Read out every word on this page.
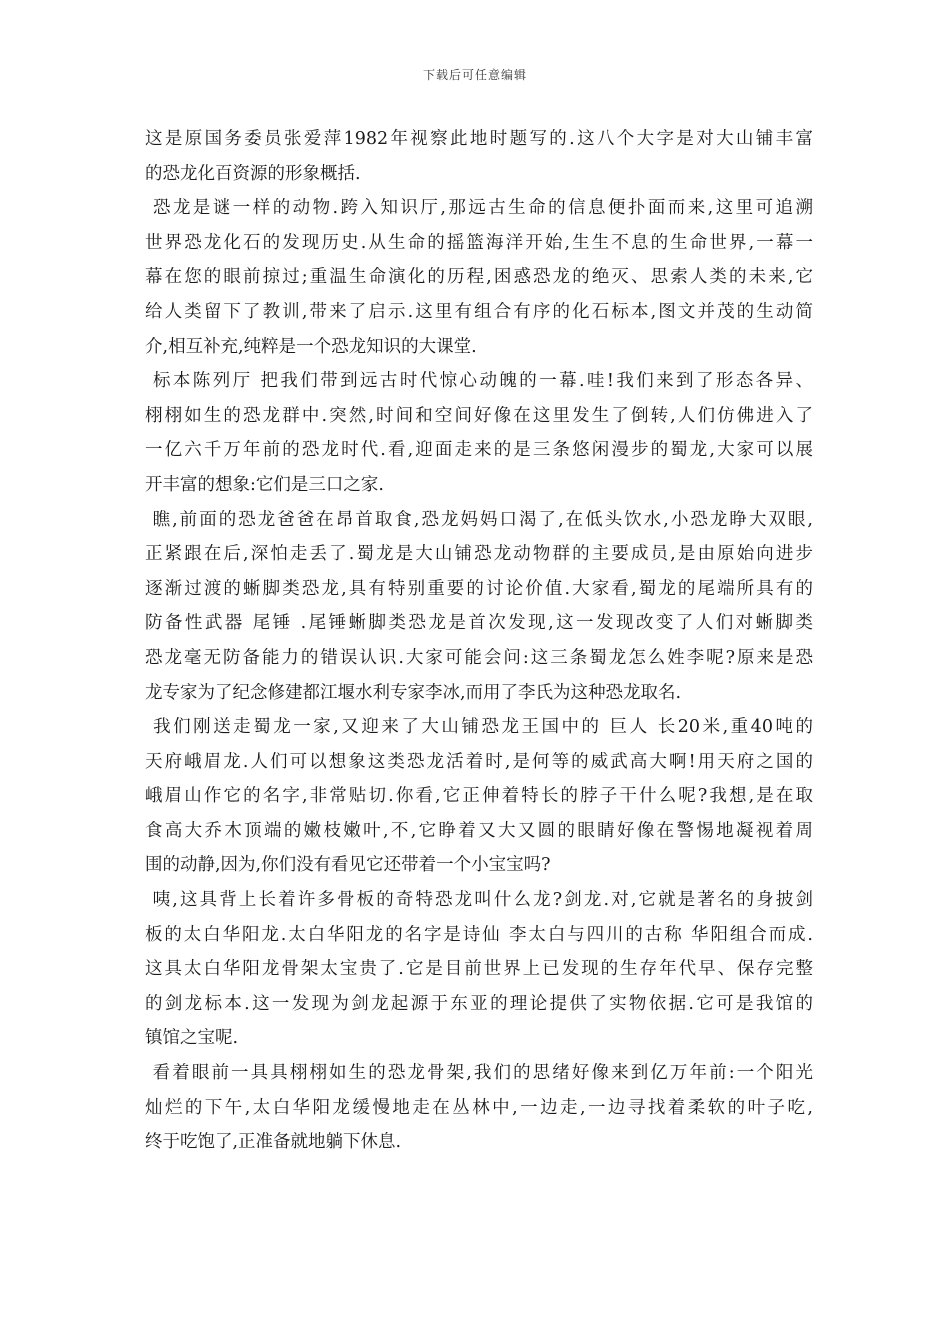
下载后可任意编辑
这是原国务委员张爱萍1982年视察此地时题写的.这八个大字是对大山铺丰富
的恐龙化百资源的形象概括.
恐龙是谜一样的动物.跨入知识厅,那远古生命的信息便扑面而来,这里可追溯
世界恐龙化石的发现历史.从生命的摇篮海洋开始,生生不息的生命世界,一幕一
幕在您的眼前掠过;重温生命演化的历程,困惑恐龙的绝灭、思索人类的未来,它
给人类留下了教训,带来了启示.这里有组合有序的化石标本,图文并茂的生动简
介,相互补充,纯粹是一个恐龙知识的大课堂.
标本陈列厅 把我们带到远古时代惊心动魄的一幕.哇!我们来到了形态各异、
栩栩如生的恐龙群中.突然,时间和空间好像在这里发生了倒转,人们仿佛进入了
一亿六千万年前的恐龙时代.看,迎面走来的是三条悠闲漫步的蜀龙,大家可以展
开丰富的想象:它们是三口之家.
瞧,前面的恐龙爸爸在昂首取食,恐龙妈妈口渴了,在低头饮水,小恐龙睁大双眼,
正紧跟在后,深怕走丢了.蜀龙是大山铺恐龙动物群的主要成员,是由原始向进步
逐渐过渡的蜥脚类恐龙,具有特别重要的讨论价值.大家看,蜀龙的尾端所具有的
防备性武器 尾锤 .尾锤蜥脚类恐龙是首次发现,这一发现改变了人们对蜥脚类
恐龙毫无防备能力的错误认识.大家可能会问:这三条蜀龙怎么姓李呢?原来是恐
龙专家为了纪念修建都江堰水利专家李冰,而用了李氏为这种恐龙取名.
我们刚送走蜀龙一家,又迎来了大山铺恐龙王国中的 巨人 长20米,重40吨的
天府峨眉龙.人们可以想象这类恐龙活着时,是何等的威武高大啊!用天府之国的
峨眉山作它的名字,非常贴切.你看,它正伸着特长的脖子干什么呢?我想,是在取
食高大乔木顶端的嫩枝嫩叶,不,它睁着又大又圆的眼睛好像在警惕地凝视着周
围的动静,因为,你们没有看见它还带着一个小宝宝吗?
咦,这具背上长着许多骨板的奇特恐龙叫什么龙?剑龙.对,它就是著名的身披剑
板的太白华阳龙.太白华阳龙的名字是诗仙 李太白与四川的古称 华阳组合而成.
这具太白华阳龙骨架太宝贵了.它是目前世界上已发现的生存年代早、保存完整
的剑龙标本.这一发现为剑龙起源于东亚的理论提供了实物依据.它可是我馆的
镇馆之宝呢.
看着眼前一具具栩栩如生的恐龙骨架,我们的思绪好像来到亿万年前:一个阳光
灿烂的下午,太白华阳龙缓慢地走在丛林中,一边走,一边寻找着柔软的叶子吃,
终于吃饱了,正准备就地躺下休息.
